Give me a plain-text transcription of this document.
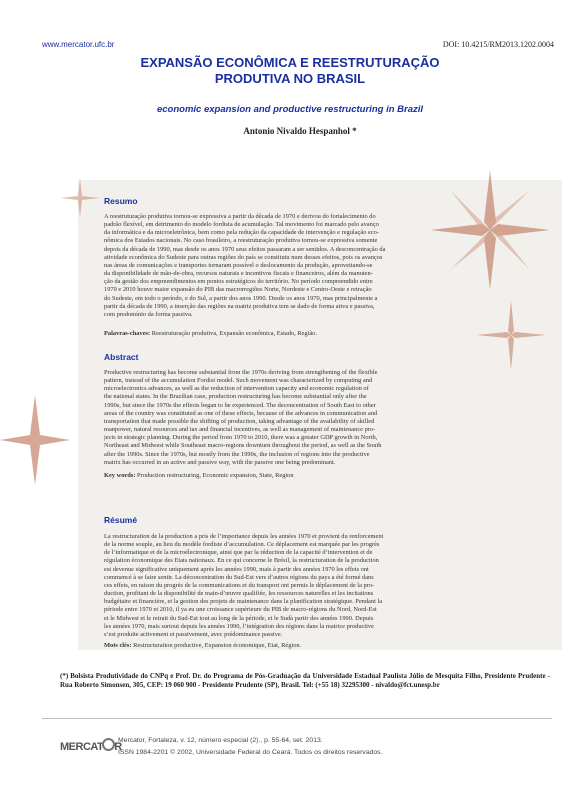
www.mercator.ufc.br	DOI: 10.4215/RM2013.1202.0004
EXPANSÃO ECONÔMICA E REESTRUTURAÇÃO
PRODUTIVA NO BRASIL
economic expansion and productive restructuring in Brazil
Antonio Nivaldo Hespanhol *
Resumo
A reestruturação produtiva tornou-se expressiva a partir da década de 1970 e derivou do fortalecimento do
padrão flexível, em detrimento do modelo fordista de acumulação. Tal movimento foi marcado pelo avanço
da informática e da microeletrônica, bem como pela redução da capacidade de intervenção e regulação eco-
nômica dos Estados nacionais. No caso brasileiro, a reestruturação produtiva tornou-se expressiva somente
depois da década de 1990, mas desde os anos 1970 seus efeitos passaram a ser sentidos. A desconcentração da
atividade econômica do Sudeste para outras regiões do país se constituiu num desses efeitos, pois os avanços
nas áreas de comunicações e transportes tornaram possível o deslocamento da produção, aproveitando-se
da disponibilidade de mão-de-obra, recursos naturais e incentivos fiscais e financeiros, além da manuten-
ção da gestão dos empreendimentos em pontos estratégicos do território. No período compreendido entre
1970 e 2010 houve maior expansão do PIB das macrorregiões Norte, Nordeste e Centro-Oeste e retração
do Sudeste, em todo o período, e do Sul, a partir dos anos 1990. Desde os anos 1970, mas principalmente a
partir da década de 1990, a inserção das regiões na matriz produtiva tem se dado de forma ativa e passiva,
com predomínio da forma passiva.
Palavras-chaves: Reestruturação produtiva, Expansão econômica, Estado, Região.
Abstract
Productive restructuring has become substantial from the 1970s deriving from strengthening of the flexible
pattern, instead of the accumulation Fordist model. Such movement was characterized by computing and
microelectronics advances, as well as the reduction of intervention capacity and economic regulation of
the national states. In the Brazilian case, production restructuring has become substantial only after the
1990s, but since the 1970s the effects began to be experienced. The deconcentration of South East to other
areas of the country was constituted as one of these effects, because of the advances in communication and
transportation that made possible the shifting of production, taking advantage of the availability of skilled
manpower, natural resources and tax and financial incentives, as well as management of maintenance pro-
jects in strategic planning. During the period from 1970 to 2010, there was a greater GDP growth in North,
Northeast and Midwest while Southeast macro-regions downturn throughout the period, as well as the South
after the 1990s. Since the 1970s, but mostly from the 1990s, the inclusion of regions into the productive
matrix has occurred in an active and passive way, with the passive one being predominant.
Key words: Production restructuring, Economic expansion, State, Region
Résumé
La restructuration de la production a pris de l’importance depuis les années 1970 et provient du renforcement
de la norme souple, au lieu du modèle fordiste d’accumulation. Ce déplacement est marquée par les progrès
de l’informatique et de la microélectronique, ainsi que par la réduction de la capacité d’intervention et de
régulation économique des Etats nationaux. En ce qui concerne le Brésil, la restructuration de la production
est devenue significative uniquement après les années 1990, mais à partir des années 1970 les effets ont
commencé à se faire sentir. La déconcentration du Sud-Est vers d’autres régions du pays a été formé dans
ces effets, en raison du progrès de la communications et du transport ont permis le déplacement de la pro-
duction, profitant de la disponibilité de main-d’œuvre qualifiée, les ressources naturelles et les incitations
budgétaire et financière, et la gestion des projets de maintenance dans la planification stratégique. Pendant la
période entre 1970 et 2010, il ya eu une croissance supérieure du PIB de macro-régions du Nord, Nord-Est
et le Midwest et le retrait du Sud-Est tout au long de la période, et le Sudà partir des années 1990. Depuis
les années 1970, mais surtout depuis les années 1990, l’intégration des régions dans la matrice productive
s’est produite activement et passivement, avec prédominance passive.
Mots clés: Restructuration productive, Expansion économique, Etat, Région.
(*) Bolsista Produtividade do CNPq e Prof. Dr. do Programa de Pós-Graduação da Universidade Estadual Paulista Júlio de Mesquita Filho, Presidente Prudente - Rua Roberto Simonsen, 305, CEP: 19 060 900 - Presidente Prudente (SP), Brasil. Tel: (+55 18) 32295300 - nivaldo@fct.unesp.br
MERCAT R
Mercator, Fortaleza, v. 12, número especial (2)., p. 55-64, set. 2013.
ISSN 1984-2201 © 2002, Universidade Federal do Ceará. Todos os direitos reservados.
